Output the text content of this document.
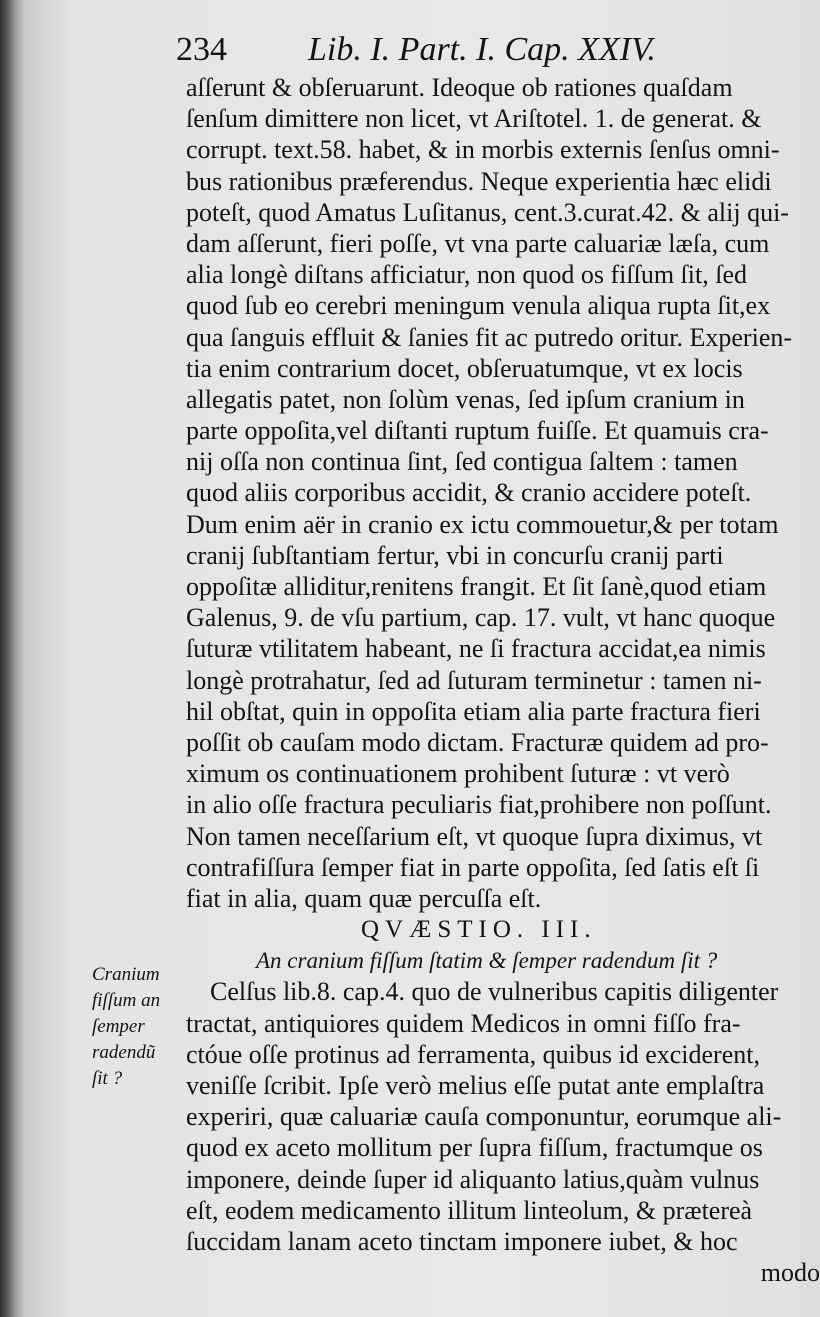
234 Lib. I. Part. I. Cap. XXIV.
aſſerunt & obſeruarunt. Ideoque ob rationes quaſdam
ſenſum dimittere non licet, vt Ariſtotel. 1. de generat. &
corrupt. text.58. habet, & in morbis externis ſenſus omni-
bus rationibus præferendus. Neque experientia hæc elidi
poteſt, quod Amatus Luſitanus, cent.3.curat.42. & alij qui-
dam aſſerunt, fieri poſſe, vt vna parte caluariæ læſa, cum
alia longè diſtans afficiatur, non quod os fiſſum ſit, ſed
quod ſub eo cerebri meningum venula aliqua rupta ſit,ex
qua ſanguis effluit & ſanies fit ac putredo oritur. Experien-
tia enim contrarium docet, obſeruatumque, vt ex locis
allegatis patet, non ſolùm venas, ſed ipſum cranium in
parte oppoſita,vel diſtanti ruptum fuiſſe. Et quamuis cra-
nij oſſa non continua ſint, ſed contigua ſaltem : tamen
quod aliis corporibus accidit, & cranio accidere poteſt.
Dum enim aër in cranio ex ictu commouetur,& per totam
cranij ſubſtantiam fertur, vbi in concurſu cranij parti
oppoſitæ alliditur,renitens frangit. Et ſit ſanè,quod etiam
Galenus, 9. de vſu partium, cap. 17. vult, vt hanc quoque
ſuturæ vtilitatem habeant, ne ſi fractura accidat,ea nimis
longè protrahatur, ſed ad ſuturam terminetur : tamen ni-
hil obſtat, quin in oppoſita etiam alia parte fractura fieri
poſſit ob cauſam modo dictam. Fracturæ quidem ad pro-
ximum os continuationem prohibent ſuturæ : vt verò
in alio oſſe fractura peculiaris fiat,prohibere non poſſunt.
Non tamen neceſſarium eſt, vt quoque ſupra diximus, vt
contrafiſſura ſemper fiat in parte oppoſita, ſed ſatis eſt ſi
fiat in alia, quam quæ percuſſa eſt.
QVÆSTIO. III.
An cranium fiſſum ſtatim & ſemper radendum ſit ?
Celſus lib.8. cap.4. quo de vulneribus capitis diligenter
tractat, antiquiores quidem Medicos in omni fiſſo fra-
ctóue oſſe protinus ad ferramenta, quibus id exciderent,
veniſſe ſcribit. Ipſe verò melius eſſe putat ante emplaſtra
experiri, quæ caluariæ cauſa componuntur, eorumque ali-
quod ex aceto mollitum per ſupra fiſſum, fractumque os
imponere, deinde ſuper id aliquanto latius,quàm vulnus
eſt, eodem medicamento illitum linteolum, & prætereà
ſuccidam lanam aceto tinctam imponere iubet, & hoc
modo
Cranium
fiſſum an
ſemper
radendũ
ſit ?
